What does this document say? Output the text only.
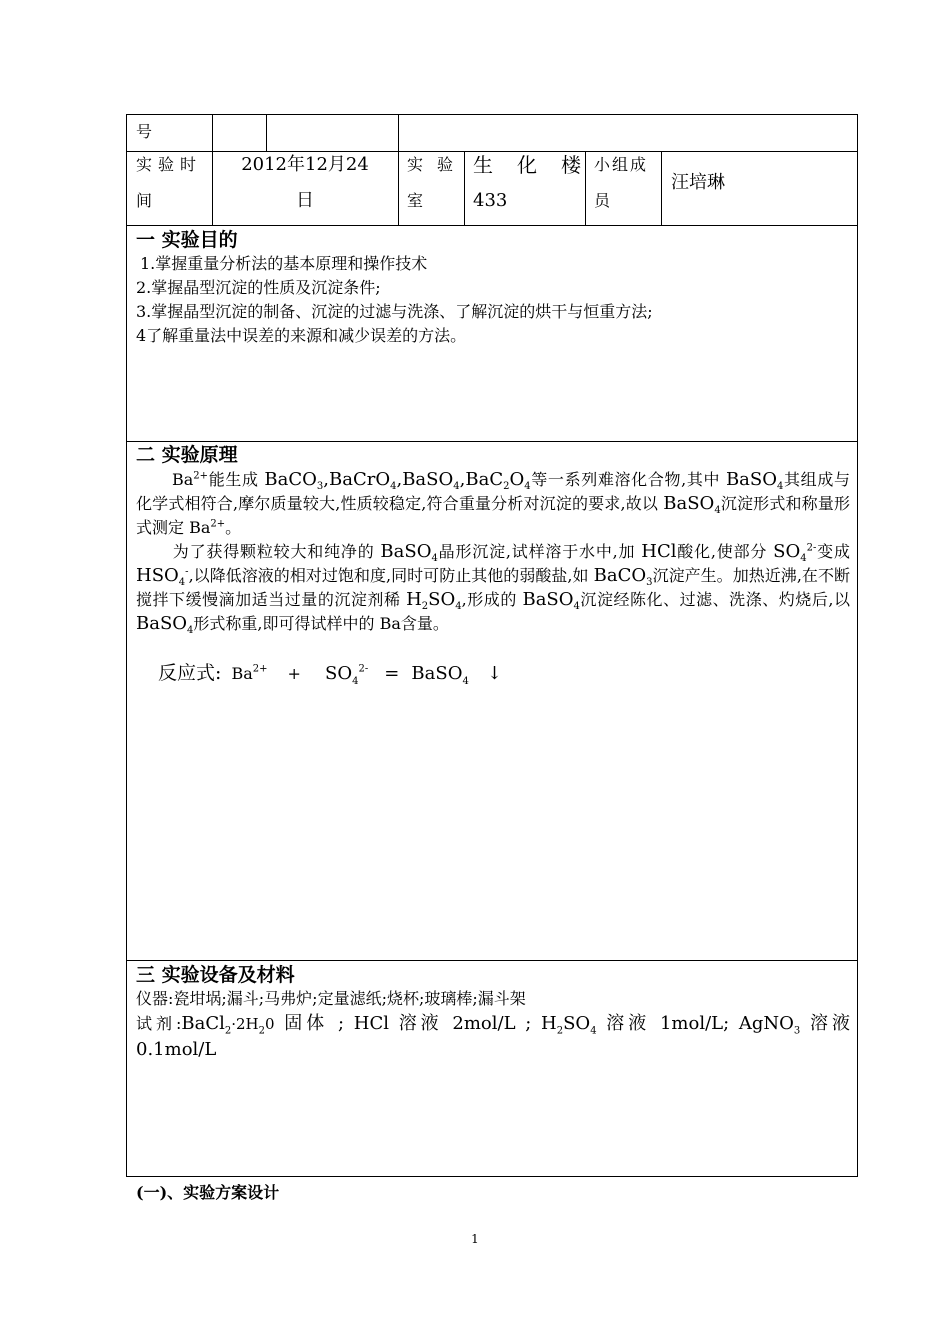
号
实验时
间
2012年12月24
日
实验
室
生化楼
433
小组成
员
汪培琳
一 实验目的
1.掌握重量分析法的基本原理和操作技术
2.掌握晶型沉淀的性质及沉淀条件;
3.掌握晶型沉淀的制备、沉淀的过滤与洗涤、了解沉淀的烘干与恒重方法;
4了解重量法中误差的来源和减少误差的方法。
二 实验原理
$Ba^{2+}$能生成 $BaCO_3,BaCrO_4,BaSO_4,BaC_2O_4$等一系列难溶化合物,其中 BaSO$_4$其组成与化学式相符合,摩尔质量较大,性质较稳定,符合重量分析对沉淀的要求,故以 BaSO$_4$沉淀形式和称量形式测定 $Ba^{2+}$。
为了获得颗粒较大和纯净的 BaSO$_4$晶形沉淀,试样溶于水中,加 HCl酸化,使部分 $SO_4^{2-}$变成 $HSO_4^-$,以降低溶液的相对过饱和度,同时可防止其他的弱酸盐,如 BaCO$_3$沉淀产生。加热近沸,在不断搅拌下缓慢滴加适当过量的沉淀剂稀 $H_2SO_4$,形成的 BaSO$_4$沉淀经陈化、过滤、洗涤、灼烧后,以 BaSO$_4$形式称重,即可得试样中的 Ba含量。
反应式: $Ba^{2+} + SO_4^{2-}$ = BaSO$_4$ ↓
三 实验设备及材料
仪器:瓷坩埚;漏斗;马弗炉;定量滤纸;烧杯;玻璃棒;漏斗架
试剂$:BaCl_2\cdot 2H_20$ 固体 ; HCl 溶液 2mol/L ; $H_2SO_4$ 溶液 1mol/L; AgNO$_3$ 溶液 0.1mol/L
(一)、实验方案设计
1
